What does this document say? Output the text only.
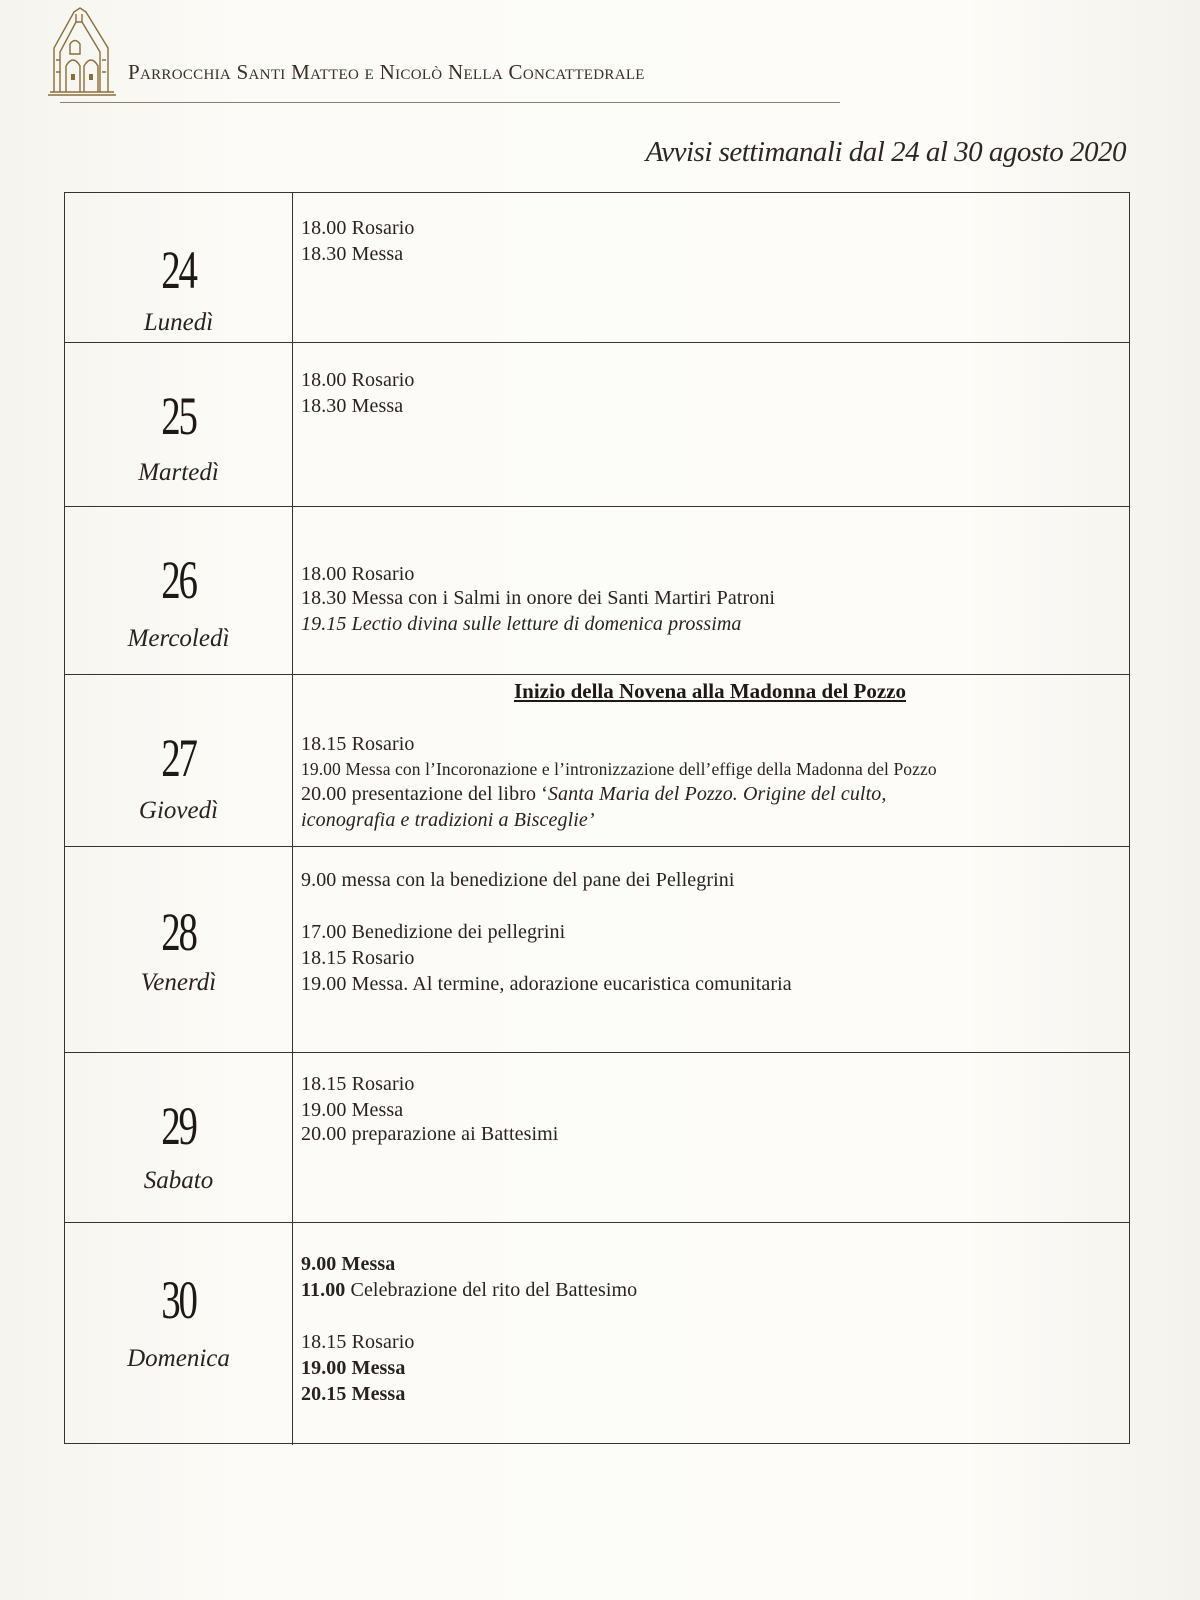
Parrocchia Santi Matteo e Nicolò Nella Concattedrale
Avvisi settimanali dal 24 al 30 agosto 2020
24
Lunedì
18.00 Rosario
18.30 Messa
25
Martedì
18.00 Rosario
18.30 Messa
26
Mercoledì
18.00 Rosario
18.30 Messa con i Salmi in onore dei Santi Martiri Patroni
19.15 Lectio divina sulle letture di domenica prossima
27
Giovedì
Inizio della Novena alla Madonna del Pozzo
18.15 Rosario
19.00 Messa con l’Incoronazione e l’intronizzazione dell’effige della Madonna del Pozzo
20.00 presentazione del libro ‘Santa Maria del Pozzo. Origine del culto,
iconografia e tradizioni a Bisceglie’
28
Venerdì
9.00 messa con la benedizione del pane dei Pellegrini
17.00 Benedizione dei pellegrini
18.15 Rosario
19.00 Messa. Al termine, adorazione eucaristica comunitaria
29
Sabato
18.15 Rosario
19.00 Messa
20.00 preparazione ai Battesimi
30
Domenica
9.00 Messa
11.00 Celebrazione del rito del Battesimo
18.15 Rosario
19.00 Messa
20.15 Messa
